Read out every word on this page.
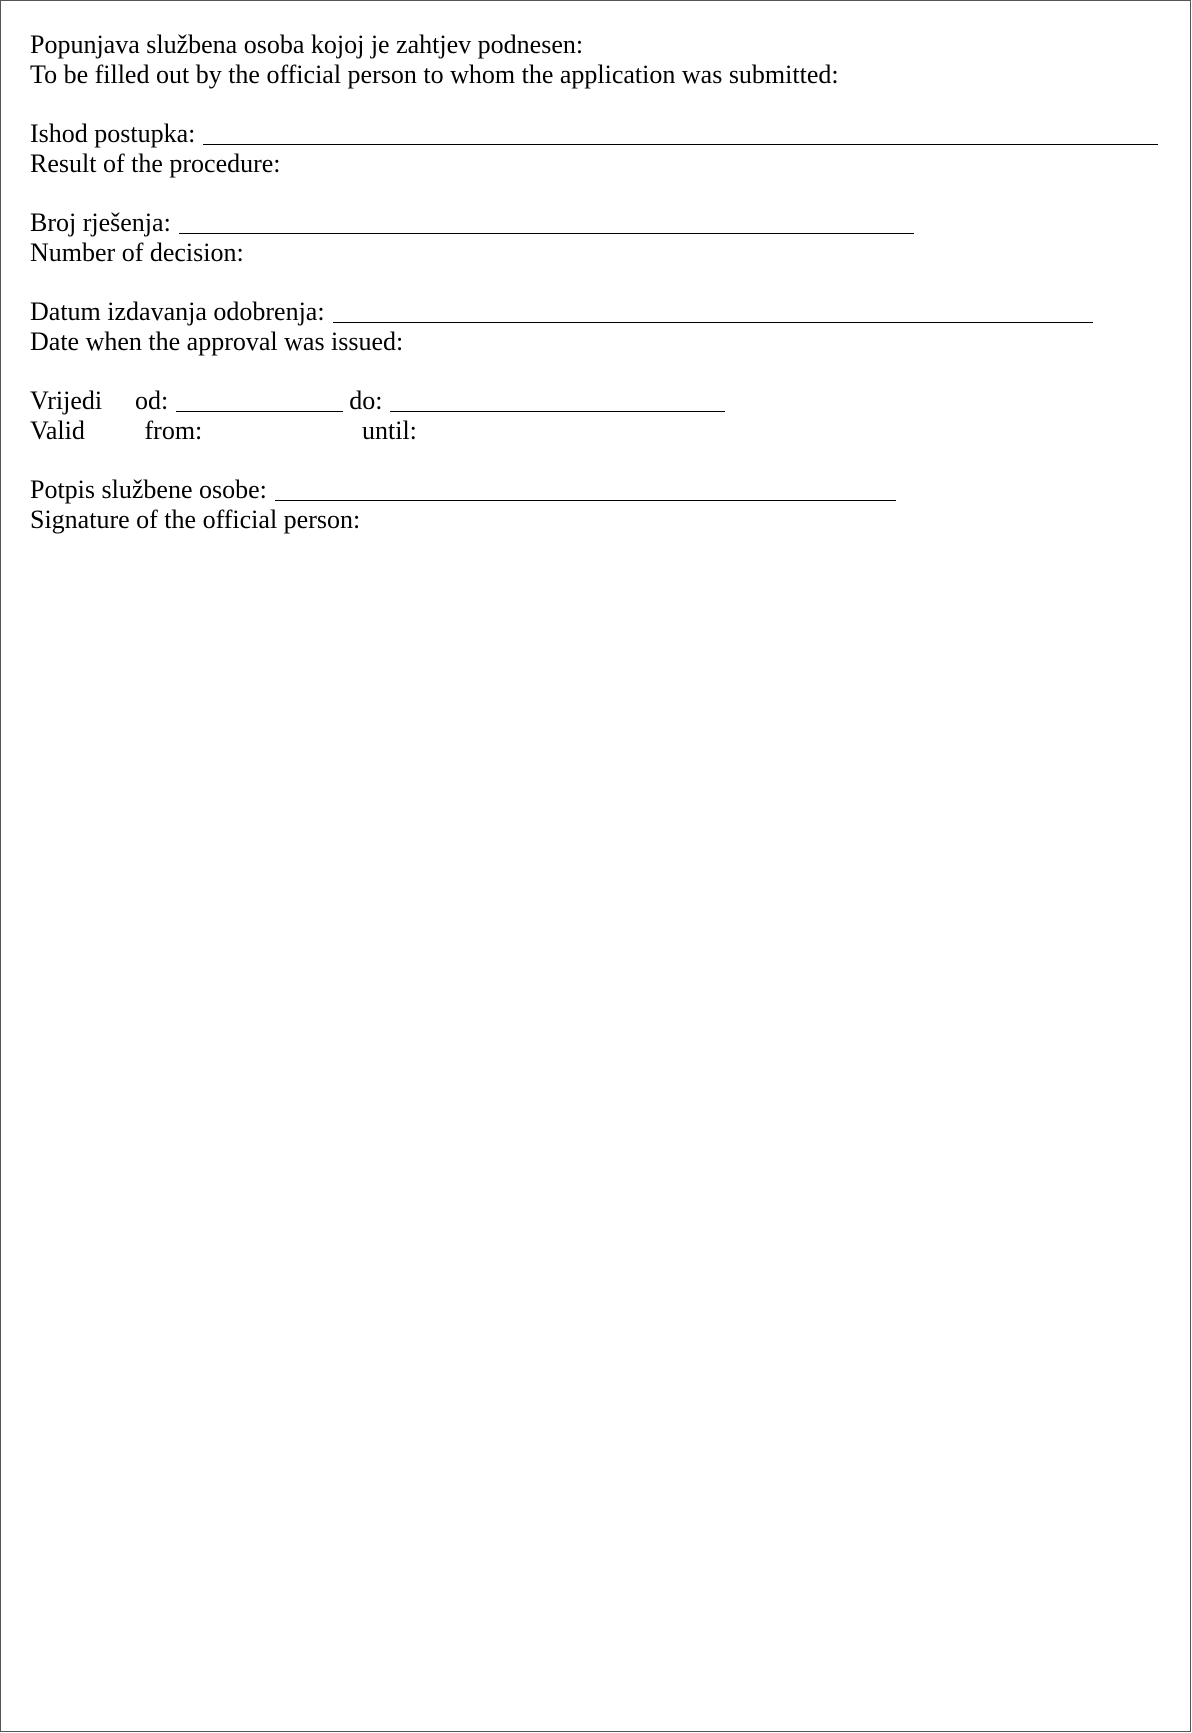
Popunjava službena osoba kojoj je zahtjev podnesen:
To be filled out by the official person to whom the application was submitted:
Ishod postupka:
Result of the procedure:
Broj rješenja:
Number of decision:
Datum izdavanja odobrenja:
Date when the approval was issued:
Vrijedi	od:	do:
Valid from:	until:
Potpis službene osobe:
Signature of the official person:
